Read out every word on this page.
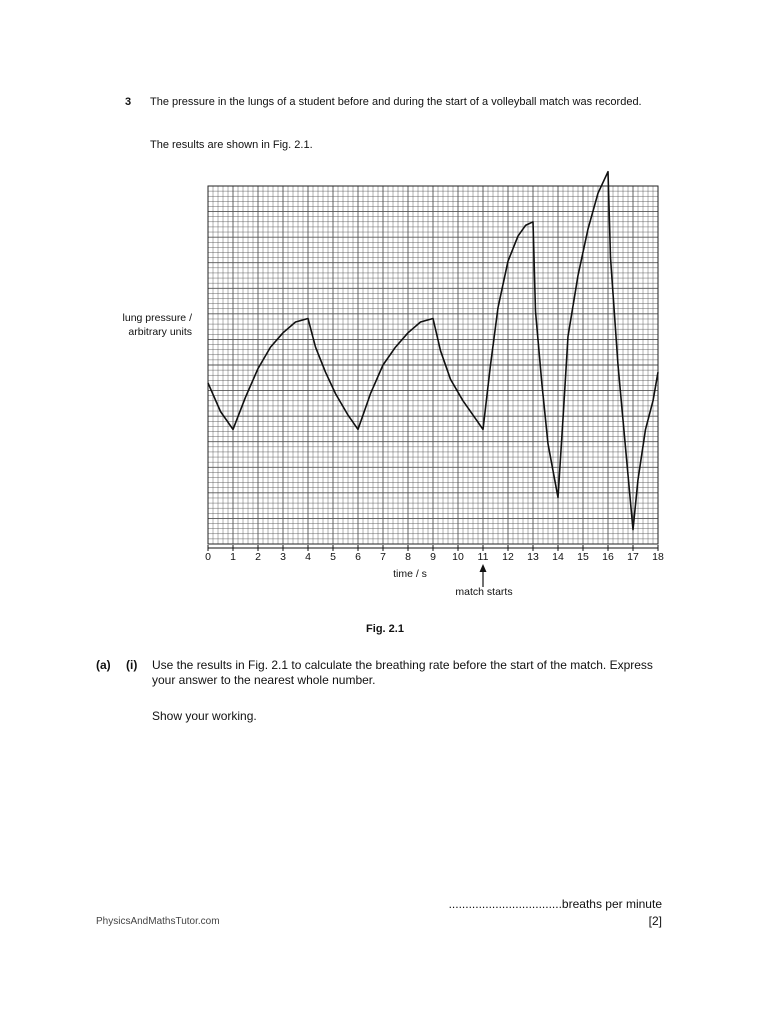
3 The pressure in the lungs of a student before and during the start of a volleyball match was recorded.
The results are shown in Fig. 2.1.
lung pressure / arbitrary units
time / s
match starts
Fig. 2.1
0 1 2 3 4 5 6 7 8 9 10 11 12 13 14 15 16 17 18
(a) (i) Use the results in Fig. 2.1 to calculate the breathing rate before the start of the match. Express your answer to the nearest whole number.
Show your working.
..................................breaths per minute
[2]
PhysicsAndMathsTutor.com
